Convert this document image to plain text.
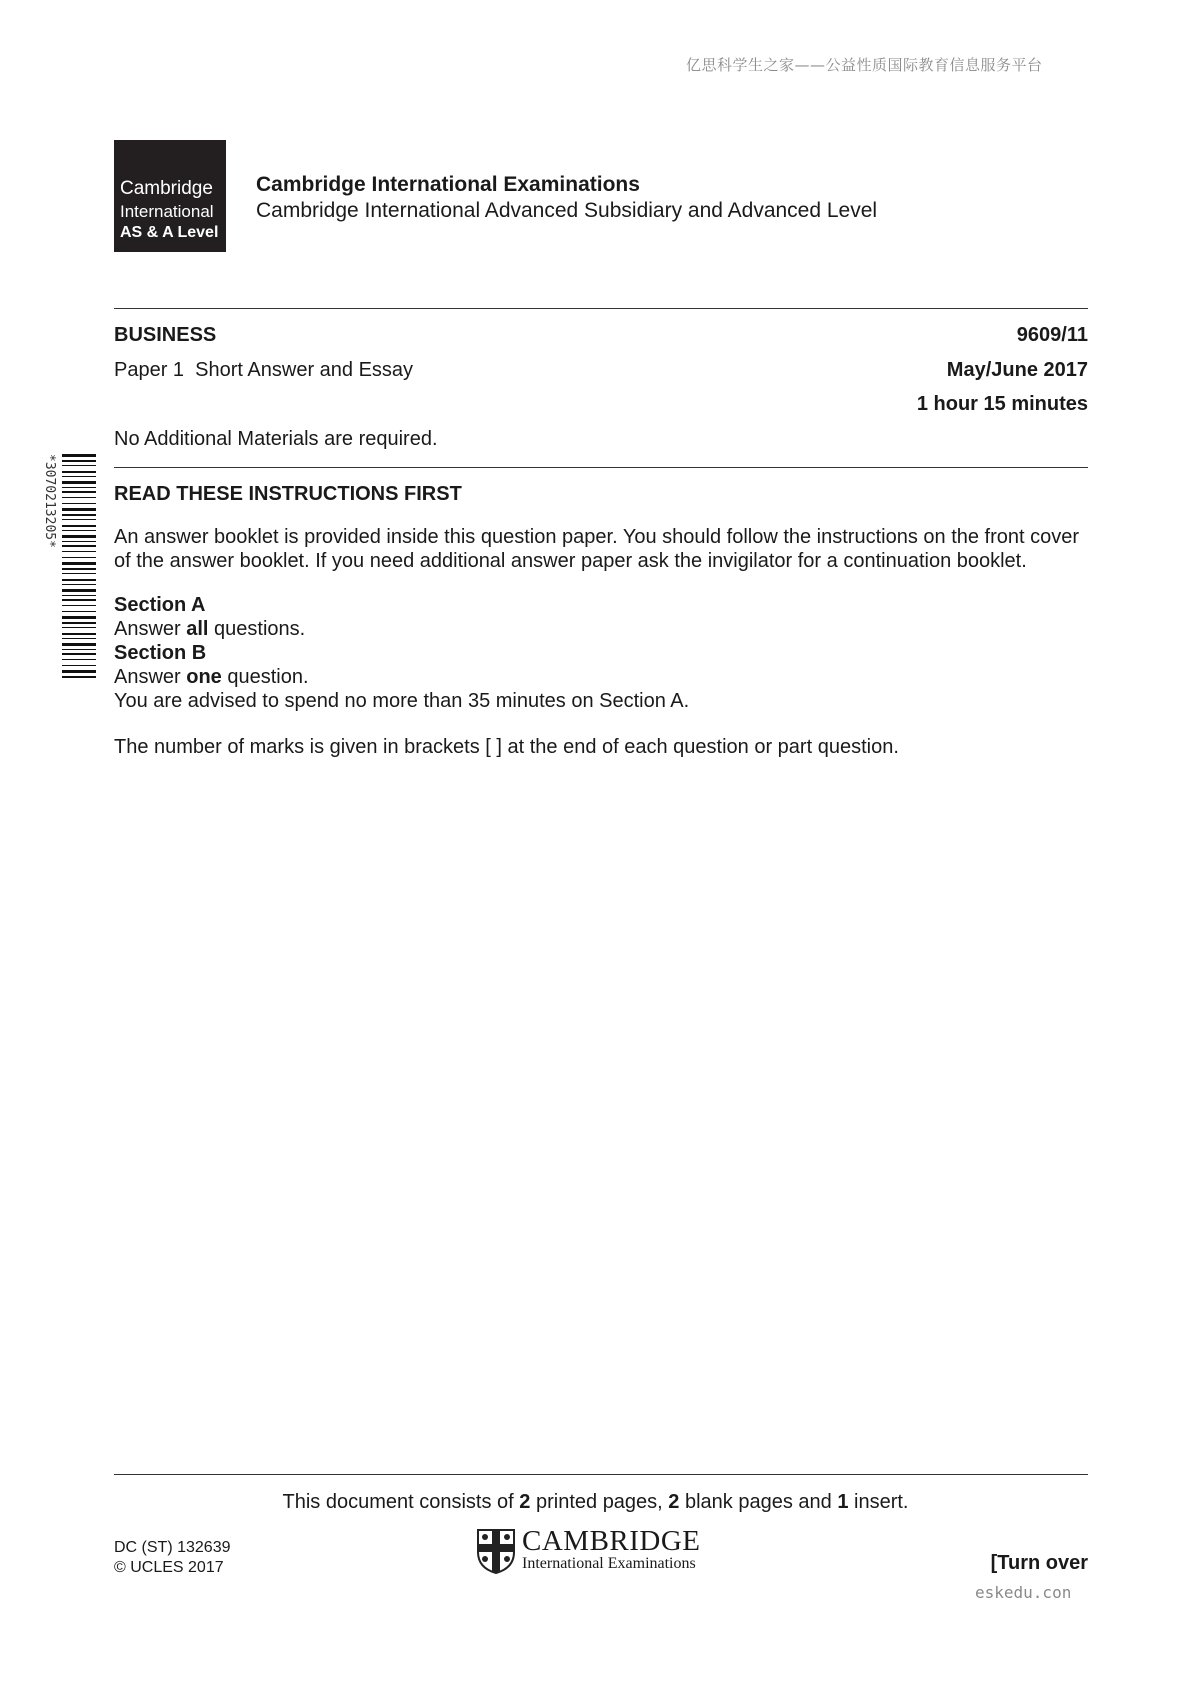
亿思科学生之家——公益性质国际教育信息服务平台
Cambridge
International
AS & A Level
Cambridge International Examinations
Cambridge International Advanced Subsidiary and Advanced Level
BUSINESS	9609/11
Paper 1  Short Answer and Essay	May/June 2017
1 hour 15 minutes
No Additional Materials are required.
*3070213205*	READ THESE INSTRUCTIONS FIRST
An answer booklet is provided inside this question paper. You should follow the instructions on the front cover of the answer booklet. If you need additional answer paper ask the invigilator for a continuation booklet.
Section A
Answer all questions.
Section B
Answer one question.
You are advised to spend no more than 35 minutes on Section A.
The number of marks is given in brackets [ ] at the end of each question or part question.
This document consists of 2 printed pages, 2 blank pages and 1 insert.
DC (ST) 132639
© UCLES 2017
CAMBRIDGE
International Examinations	[Turn over
eskedu.con
